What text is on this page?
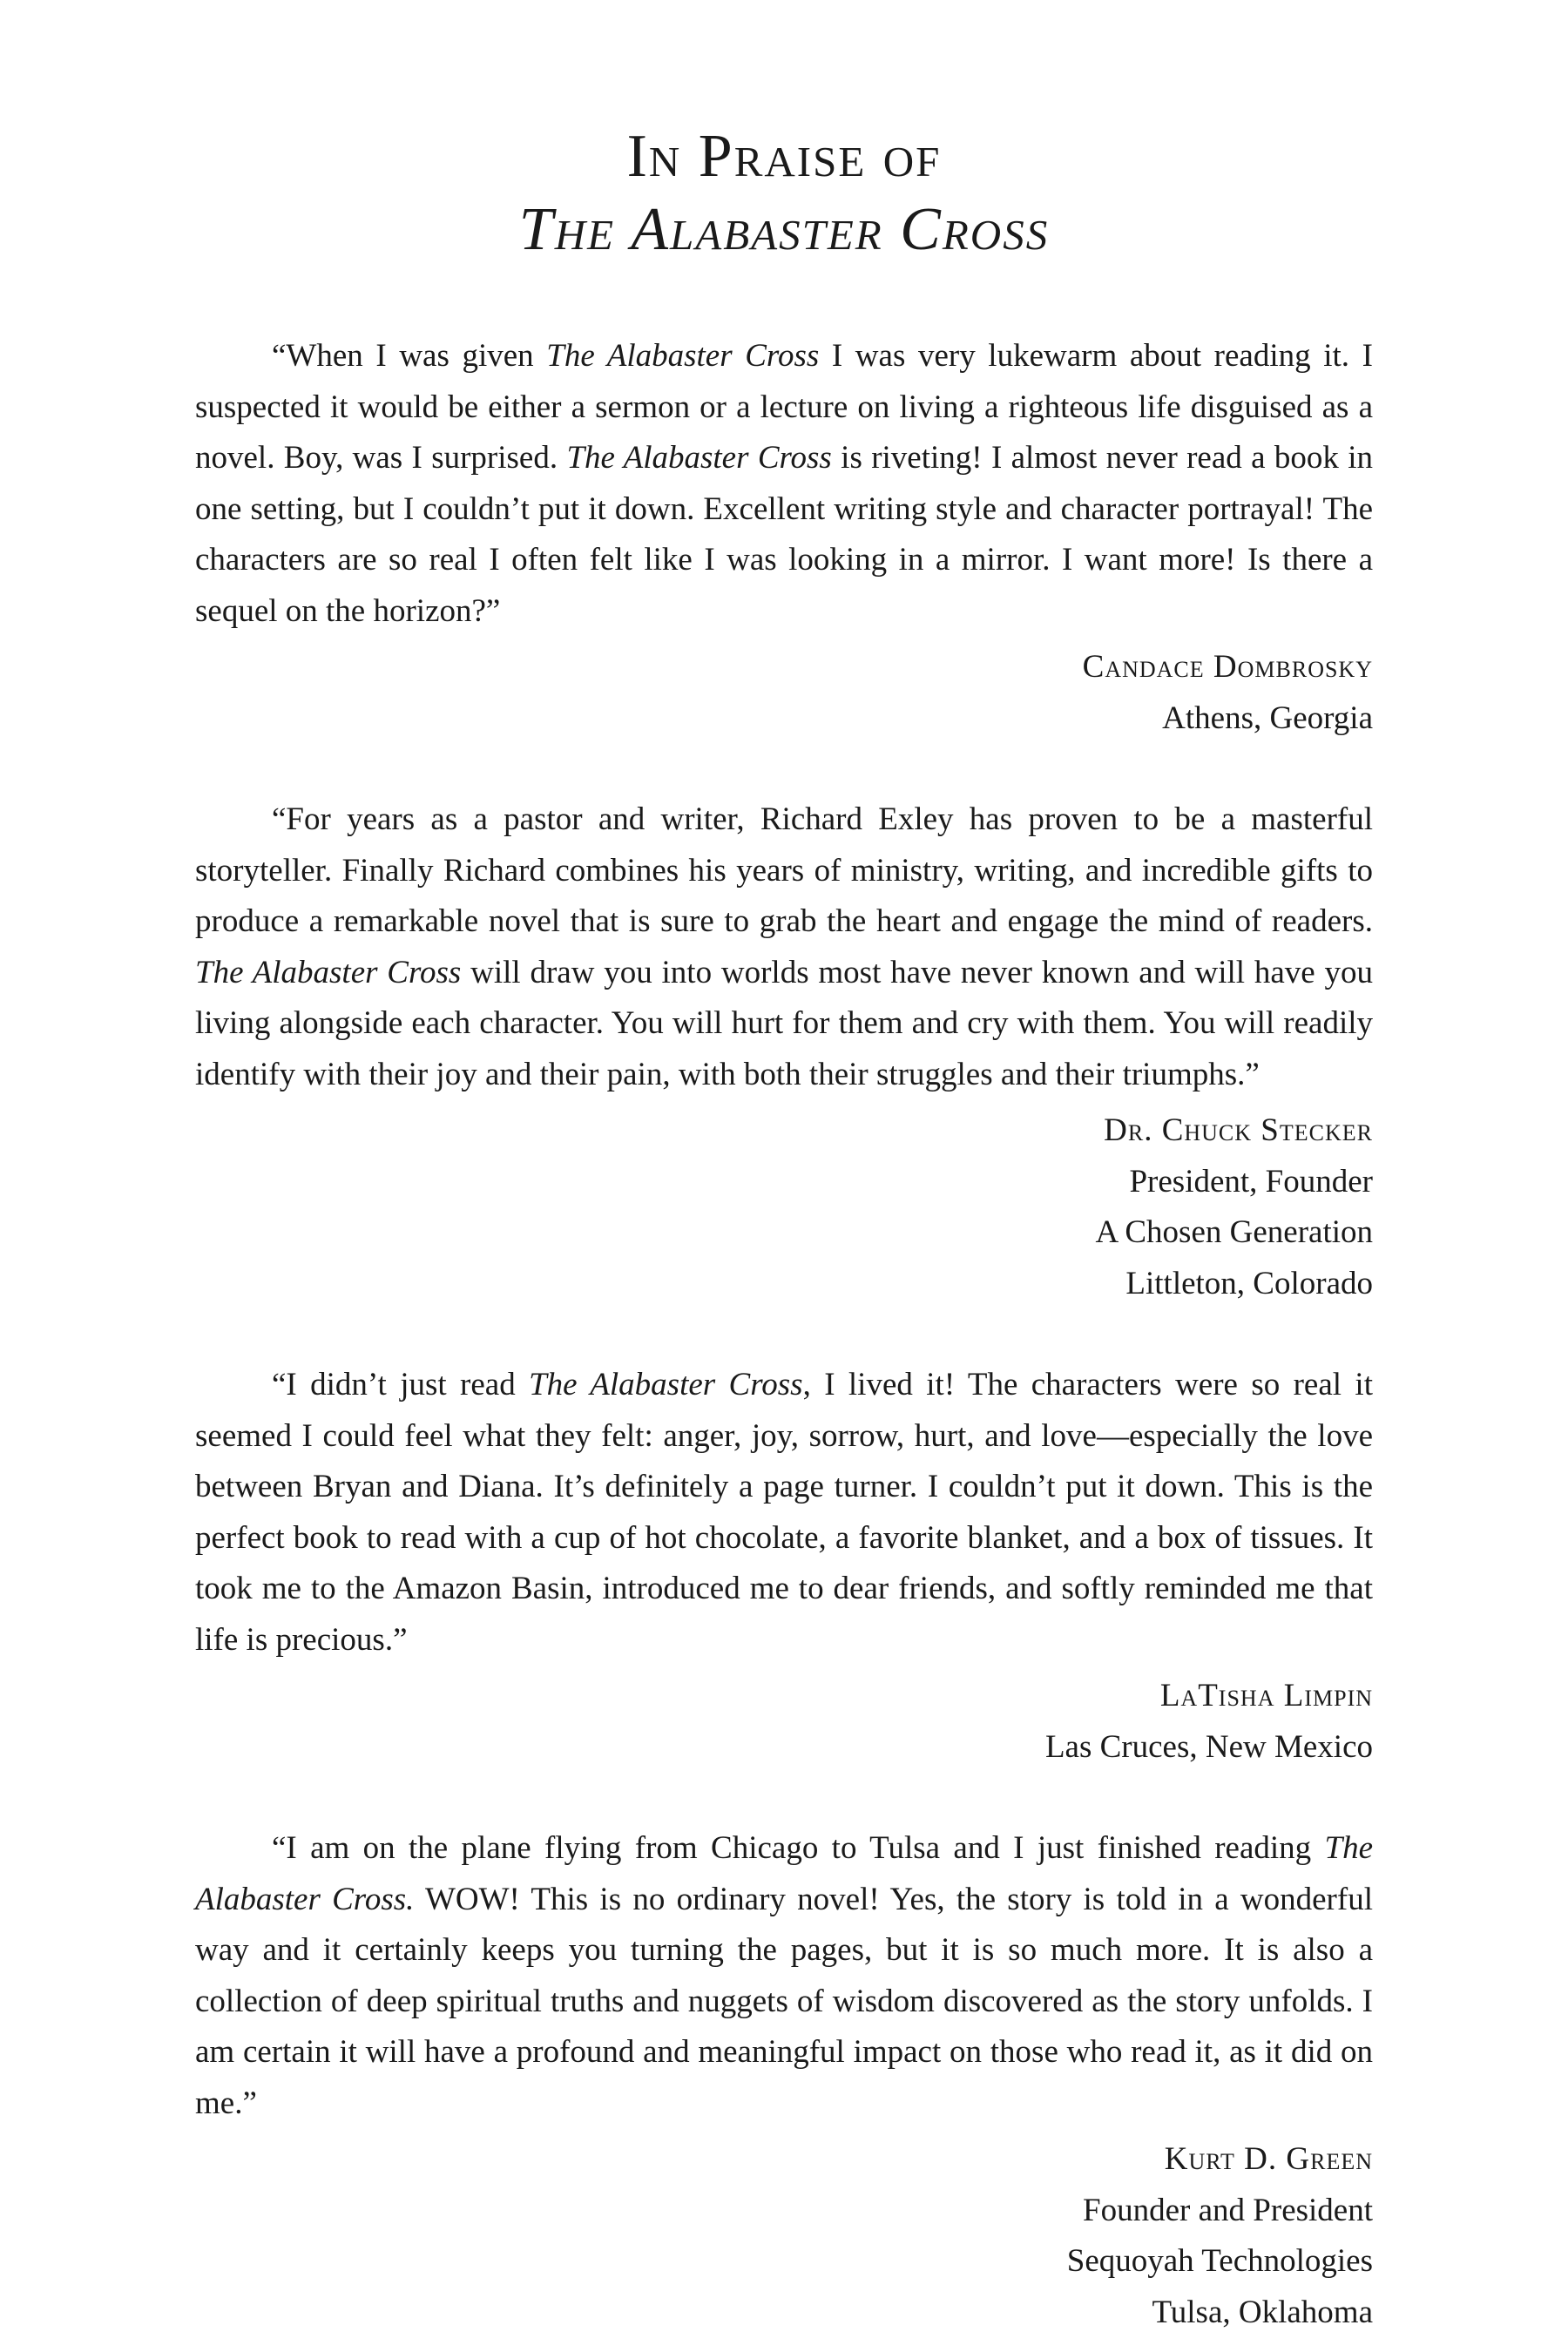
In Praise of
The Alabaster Cross

“When I was given The Alabaster Cross I was very lukewarm about reading it. I suspected it would be either a sermon or a lecture on living a righteous life disguised as a novel. Boy, was I surprised. The Alabaster Cross is riveting! I almost never read a book in one setting, but I couldn’t put it down. Excellent writing style and character portrayal! The characters are so real I often felt like I was looking in a mirror. I want more! Is there a sequel on the horizon?”

Candace Dombrosky
Athens, Georgia

“For years as a pastor and writer, Richard Exley has proven to be a masterful storyteller. Finally Richard combines his years of ministry, writing, and incredible gifts to produce a remarkable novel that is sure to grab the heart and engage the mind of readers. The Alabaster Cross will draw you into worlds most have never known and will have you living alongside each character. You will hurt for them and cry with them. You will readily identify with their joy and their pain, with both their struggles and their triumphs.”

Dr. Chuck Stecker
President, Founder
A Chosen Generation
Littleton, Colorado

“I didn’t just read The Alabaster Cross, I lived it! The characters were so real it seemed I could feel what they felt: anger, joy, sorrow, hurt, and love—especially the love between Bryan and Diana. It’s definitely a page turner. I couldn’t put it down. This is the perfect book to read with a cup of hot chocolate, a favorite blanket, and a box of tissues. It took me to the Amazon Basin, introduced me to dear friends, and softly reminded me that life is precious.”

LaTisha Limpin
Las Cruces, New Mexico

“I am on the plane flying from Chicago to Tulsa and I just finished reading The Alabaster Cross. WOW! This is no ordinary novel! Yes, the story is told in a wonderful way and it certainly keeps you turning the pages, but it is so much more. It is also a collection of deep spiritual truths and nuggets of wisdom discovered as the story unfolds. I am certain it will have a profound and meaningful impact on those who read it, as it did on me.”

Kurt D. Green
Founder and President
Sequoyah Technologies
Tulsa, Oklahoma
